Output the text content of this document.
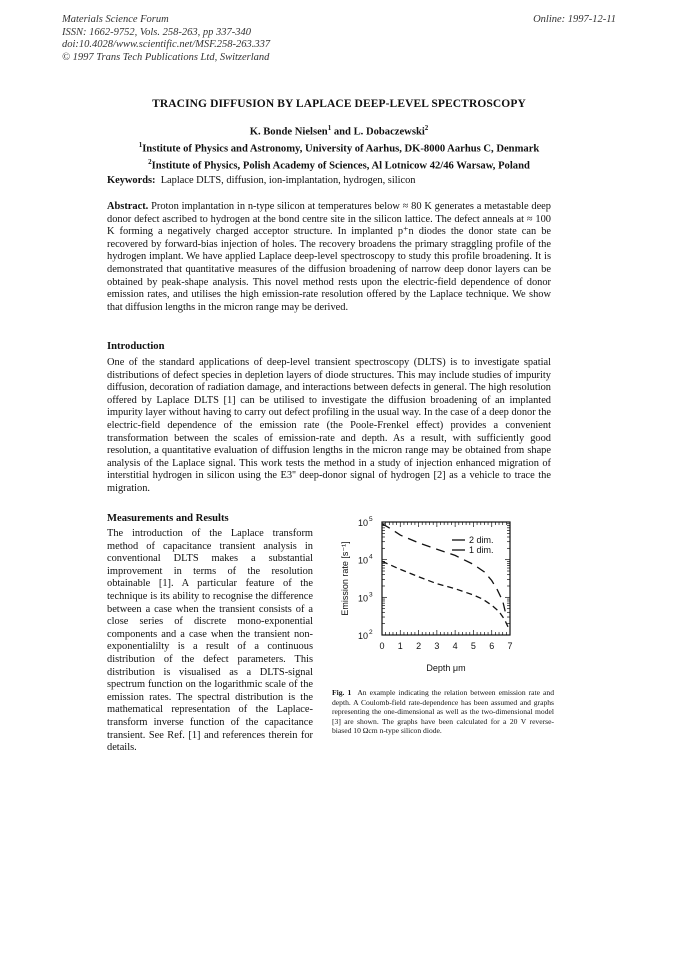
Materials Science Forum
ISSN: 1662-9752, Vols. 258-263, pp 337-340
doi:10.4028/www.scientific.net/MSF.258-263.337
© 1997 Trans Tech Publications Ltd, Switzerland
Online: 1997-12-11
TRACING DIFFUSION BY LAPLACE DEEP-LEVEL SPECTROSCOPY
K. Bonde Nielsen$^1$ and L. Dobaczewski$^2$
$^1$Institute of Physics and Astronomy, University of Aarhus, DK-8000 Aarhus C, Denmark
$^2$Institute of Physics, Polish Academy of Sciences, Al Lotnicow 42/46 Warsaw, Poland
Keywords: Laplace DLTS, diffusion, ion-implantation, hydrogen, silicon
Abstract. Proton implantation in n-type silicon at temperatures below ≈ 80 K generates a metastable deep donor defect ascribed to hydrogen at the bond centre site in the silicon lattice. The defect anneals at ≈ 100 K forming a negatively charged acceptor structure. In implanted p⁺n diodes the donor state can be recovered by forward-bias injection of holes. The recovery broadens the primary straggling profile of the hydrogen implant. We have applied Laplace deep-level spectroscopy to study this profile broadening. It is demonstrated that quantitative measures of the diffusion broadening of narrow deep donor layers can be obtained by peak-shape analysis. This novel method rests upon the electric-field dependence of donor emission rates, and utilises the high emission-rate resolution offered by the Laplace technique. We show that diffusion lengths in the micron range may be derived.
Introduction
One of the standard applications of deep-level transient spectroscopy (DLTS) is to investigate spatial distributions of defect species in depletion layers of diode structures. This may include studies of impurity diffusion, decoration of radiation damage, and interactions between defects in general. The high resolution offered by Laplace DLTS [1] can be utilised to investigate the diffusion broadening of an implanted impurity layer without having to carry out defect profiling in the usual way. In the case of a deep donor the electric-field dependence of the emission rate (the Poole-Frenkel effect) provides a convenient transformation between the scales of emission-rate and depth. As a result, with sufficiently good resolution, a quantitative evaluation of diffusion lengths in the micron range may be obtained from shape analysis of the Laplace signal. This work tests the method in a study of injection enhanced migration of interstitial hydrogen in silicon using the E3'' deep-donor signal of hydrogen [2] as a vehicle to trace the migration.
Measurements and Results
The introduction of the Laplace transform method of capacitance transient analysis in conventional DLTS makes a substantial improvement in terms of the resolution obtainable [1]. A particular feature of the technique is its ability to recognise the difference between a case when the transient consists of a close series of discrete mono-exponential components and a case when the transient non-exponentialilty is a result of a continuous distribution of the defect parameters. This distribution is visualised as a DLTS-signal spectrum function on the logarithmic scale of the emission rates. The spectral distribution is the mathematical representation of the Laplace-transform inverse function of the capacitance transient. See Ref. [1] and references therein for details.
2 dim.
1 dim.
0 1 2 3 4 5 6 7
10 2
10 3
10 4
10 5
Depth μm
Emission rate [s⁻¹]
Fig. 1 An example indicating the relation between emission rate and depth. A Coulomb-field rate-dependence has been assumed and graphs representing the one-dimensional as well as the two-dimensional model [3] are shown. The graphs have been calculated for a 20 V reverse-biased 10 Ωcm n-type silicon diode.
